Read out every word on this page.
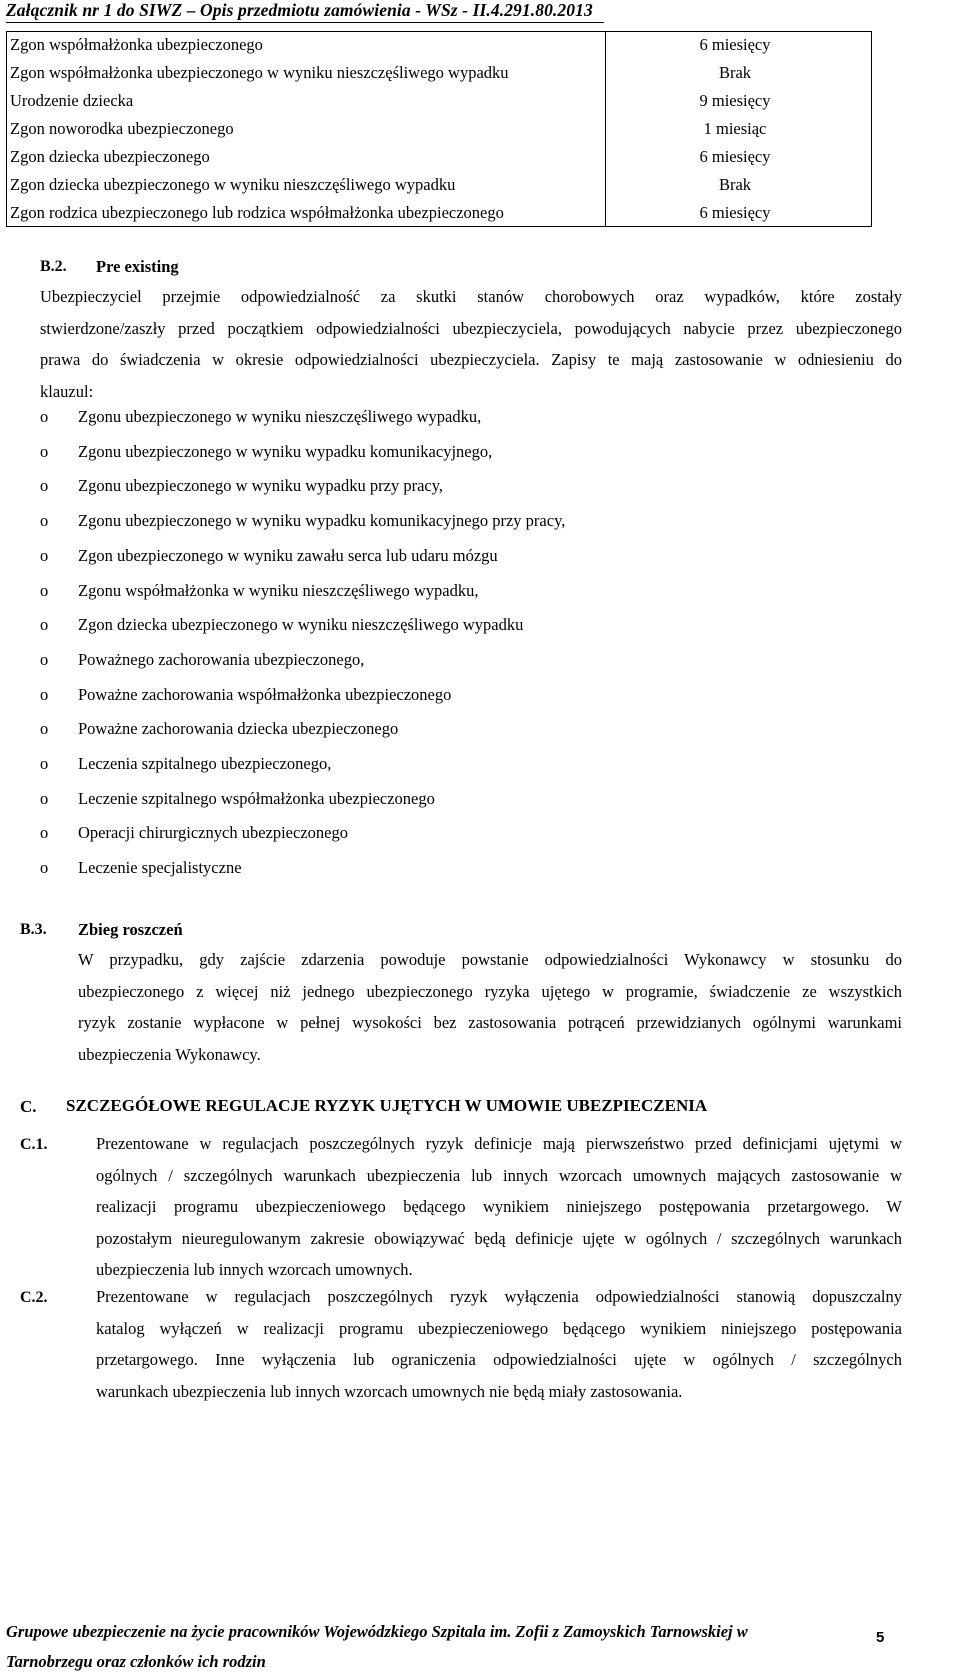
Załącznik nr 1 do SIWZ – Opis przedmiotu zamówienia - WSz - II.4.291.80.2013
Zgon współmałżonka ubezpieczonego	6 miesięcy
Zgon współmałżonka ubezpieczonego w wyniku nieszczęśliwego wypadku	Brak
Urodzenie dziecka	9 miesięcy
Zgon noworodka ubezpieczonego	1 miesiąc
Zgon dziecka ubezpieczonego	6 miesięcy
Zgon dziecka ubezpieczonego w wyniku nieszczęśliwego wypadku	Brak
Zgon rodzica ubezpieczonego lub rodzica współmałżonka ubezpieczonego	6 miesięcy
B.2. Pre existing
Ubezpieczyciel przejmie odpowiedzialność za skutki stanów chorobowych oraz wypadków, które zostały
stwierdzone/zaszły przed początkiem odpowiedzialności ubezpieczyciela, powodujących nabycie przez ubezpieczonego
prawa do świadczenia w okresie odpowiedzialności ubezpieczyciela. Zapisy te mają zastosowanie w odniesieniu do
klauzul:
o Zgonu ubezpieczonego w wyniku nieszczęśliwego wypadku,
o Zgonu ubezpieczonego w wyniku wypadku komunikacyjnego,
o Zgonu ubezpieczonego w wyniku wypadku przy pracy,
o Zgonu ubezpieczonego w wyniku wypadku komunikacyjnego przy pracy,
o Zgon ubezpieczonego w wyniku zawału serca lub udaru mózgu
o Zgonu współmałżonka w wyniku nieszczęśliwego wypadku,
o Zgon dziecka ubezpieczonego w wyniku nieszczęśliwego wypadku
o Poważnego zachorowania ubezpieczonego,
o Poważne zachorowania współmałżonka ubezpieczonego
o Poważne zachorowania dziecka ubezpieczonego
o Leczenia szpitalnego ubezpieczonego,
o Leczenie szpitalnego współmałżonka ubezpieczonego
o Operacji chirurgicznych ubezpieczonego
o Leczenie specjalistyczne
B.3. Zbieg roszczeń
W przypadku, gdy zajście zdarzenia powoduje powstanie odpowiedzialności Wykonawcy w stosunku do
ubezpieczonego z więcej niż jednego ubezpieczonego ryzyka ujętego w programie, świadczenie ze wszystkich
ryzyk zostanie wypłacone w pełnej wysokości bez zastosowania potrąceń przewidzianych ogólnymi warunkami
ubezpieczenia Wykonawcy.
C. SZCZEGÓŁOWE REGULACJE RYZYK UJĘTYCH W UMOWIE UBEZPIECZENIA
C.1.	Prezentowane w regulacjach poszczególnych ryzyk definicje mają pierwszeństwo przed definicjami ujętymi w
ogólnych / szczególnych warunkach ubezpieczenia lub innych wzorcach umownych mających zastosowanie w
realizacji programu ubezpieczeniowego będącego wynikiem niniejszego postępowania przetargowego. W
pozostałym nieuregulowanym zakresie obowiązywać będą definicje ujęte w ogólnych / szczególnych warunkach
ubezpieczenia lub innych wzorcach umownych.
C.2.	Prezentowane w regulacjach poszczególnych ryzyk wyłączenia odpowiedzialności stanowią dopuszczalny
katalog wyłączeń w realizacji programu ubezpieczeniowego będącego wynikiem niniejszego postępowania
przetargowego. Inne wyłączenia lub ograniczenia odpowiedzialności ujęte w ogólnych / szczególnych
warunkach ubezpieczenia lub innych wzorcach umownych nie będą miały zastosowania.
Grupowe ubezpieczenie na życie pracowników Wojewódzkiego Szpitala im. Zofii z Zamoyskich Tarnowskiej w
Tarnobrzegu oraz członków ich rodzin
5
